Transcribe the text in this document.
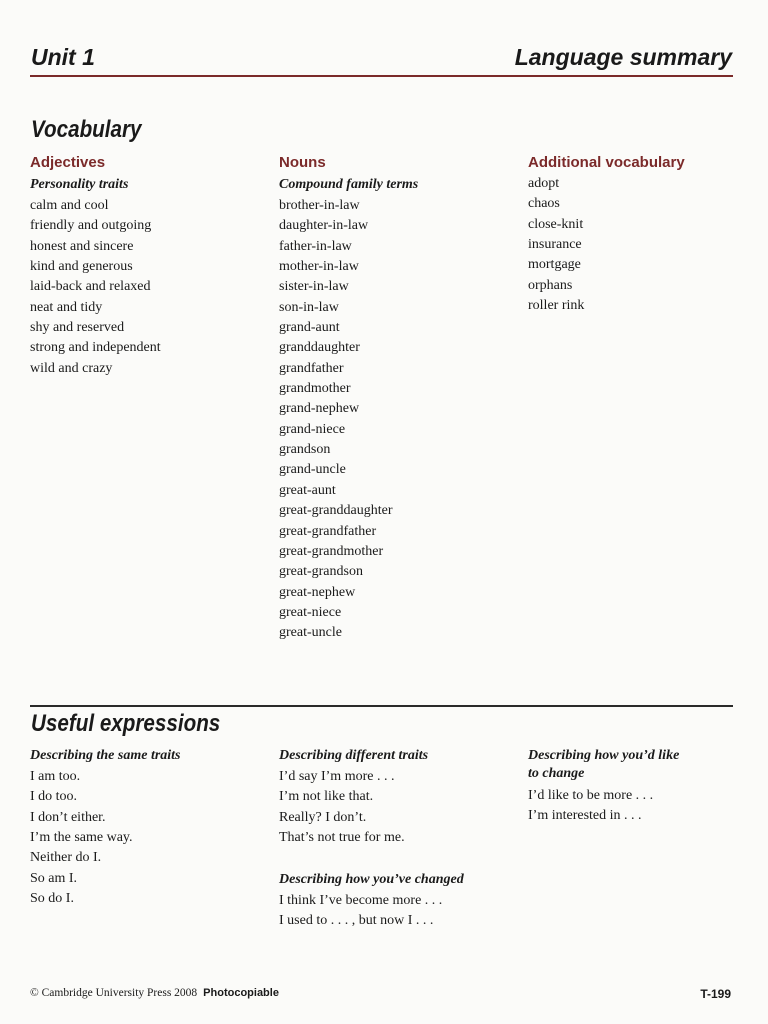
Unit 1	Language summary
Vocabulary
Adjectives
Personality traits
calm and cool
friendly and outgoing
honest and sincere
kind and generous
laid-back and relaxed
neat and tidy
shy and reserved
strong and independent
wild and crazy
Nouns
Compound family terms
brother-in-law
daughter-in-law
father-in-law
mother-in-law
sister-in-law
son-in-law
grand-aunt
granddaughter
grandfather
grandmother
grand-nephew
grand-niece
grandson
grand-uncle
great-aunt
great-granddaughter
great-grandfather
great-grandmother
great-grandson
great-nephew
great-niece
great-uncle
Additional vocabulary
adopt
chaos
close-knit
insurance
mortgage
orphans
roller rink
Useful expressions
Describing the same traits
I am too.
I do too.
I don’t either.
I’m the same way.
Neither do I.
So am I.
So do I.
Describing different traits
I’d say I’m more . . .
I’m not like that.
Really? I don’t.
That’s not true for me.
Describing how you’ve changed
I think I’ve become more . . .
I used to . . . , but now I . . .
Describing how you’d like
to change
I’d like to be more . . .
I’m interested in . . .
© Cambridge University Press 2008 Photocopiable	T-199
